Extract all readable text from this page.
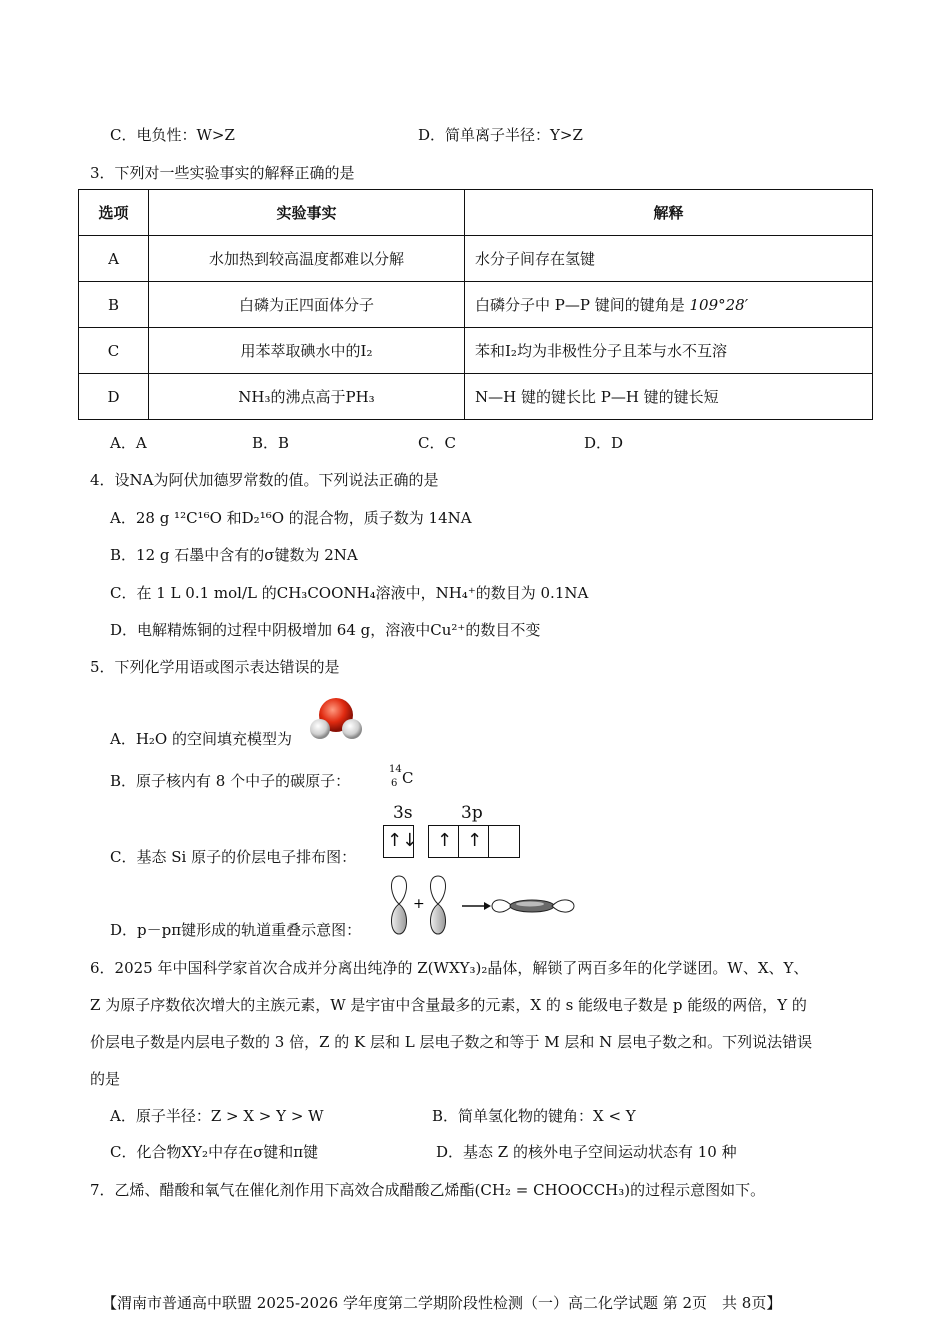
C．电负性：W>Z	D．简单离子半径：Y>Z
3．下列对一些实验事实的解释正确的是
选项	实验事实	解释
A	水加热到较高温度都难以分解	水分子间存在氢键
B	白磷为正四面体分子	白磷分子中 P—P 键间的键角是 109°28′
C	用苯萃取碘水中的I₂	苯和I₂均为非极性分子且苯与水不互溶
D	NH₃的沸点高于PH₃	N—H 键的键长比 P—H 键的键长短
A．A	B．B	C．C	D．D
4．设NA为阿伏加德罗常数的值。下列说法正确的是
A．28 g ¹²C¹⁶O 和D₂¹⁶O 的混合物，质子数为 14NA
B．12 g 石墨中含有的σ键数为 2NA
C．在 1 L 0.1 mol/L 的CH₃COONH₄溶液中，NH₄⁺的数目为 0.1NA
D．电解精炼铜的过程中阴极增加 64 g，溶液中Cu²⁺的数目不变
5．下列化学用语或图示表达错误的是
A．H₂O 的空间填充模型为
B．原子核内有 8 个中子的碳原子：
14
6 C
C．基态 Si 原子的价层电子排布图：
3s	3p
↑↓ ↑ ↑
D．p－pπ键形成的轨道重叠示意图：
+
6．2025 年中国科学家首次合成并分离出纯净的 Z(WXY₃)₂晶体，解锁了两百多年的化学谜团。W、X、Y、
Z 为原子序数依次增大的主族元素，W 是宇宙中含量最多的元素，X 的 s 能级电子数是 p 能级的两倍，Y 的
价层电子数是内层电子数的 3 倍，Z 的 K 层和 L 层电子数之和等于 M 层和 N 层电子数之和。下列说法错误
的是
A．原子半径：Z > X > Y > W	B．简单氢化物的键角：X < Y
C．化合物XY₂中存在σ键和π键	D．基态 Z 的核外电子空间运动状态有 10 种
7．乙烯、醋酸和氧气在催化剂作用下高效合成醋酸乙烯酯(CH₂ = CHOOCCH₃)的过程示意图如下。
【渭南市普通高中联盟 2025-2026 学年度第二学期阶段性检测（一）高二化学试题 第 2页　共 8页】
